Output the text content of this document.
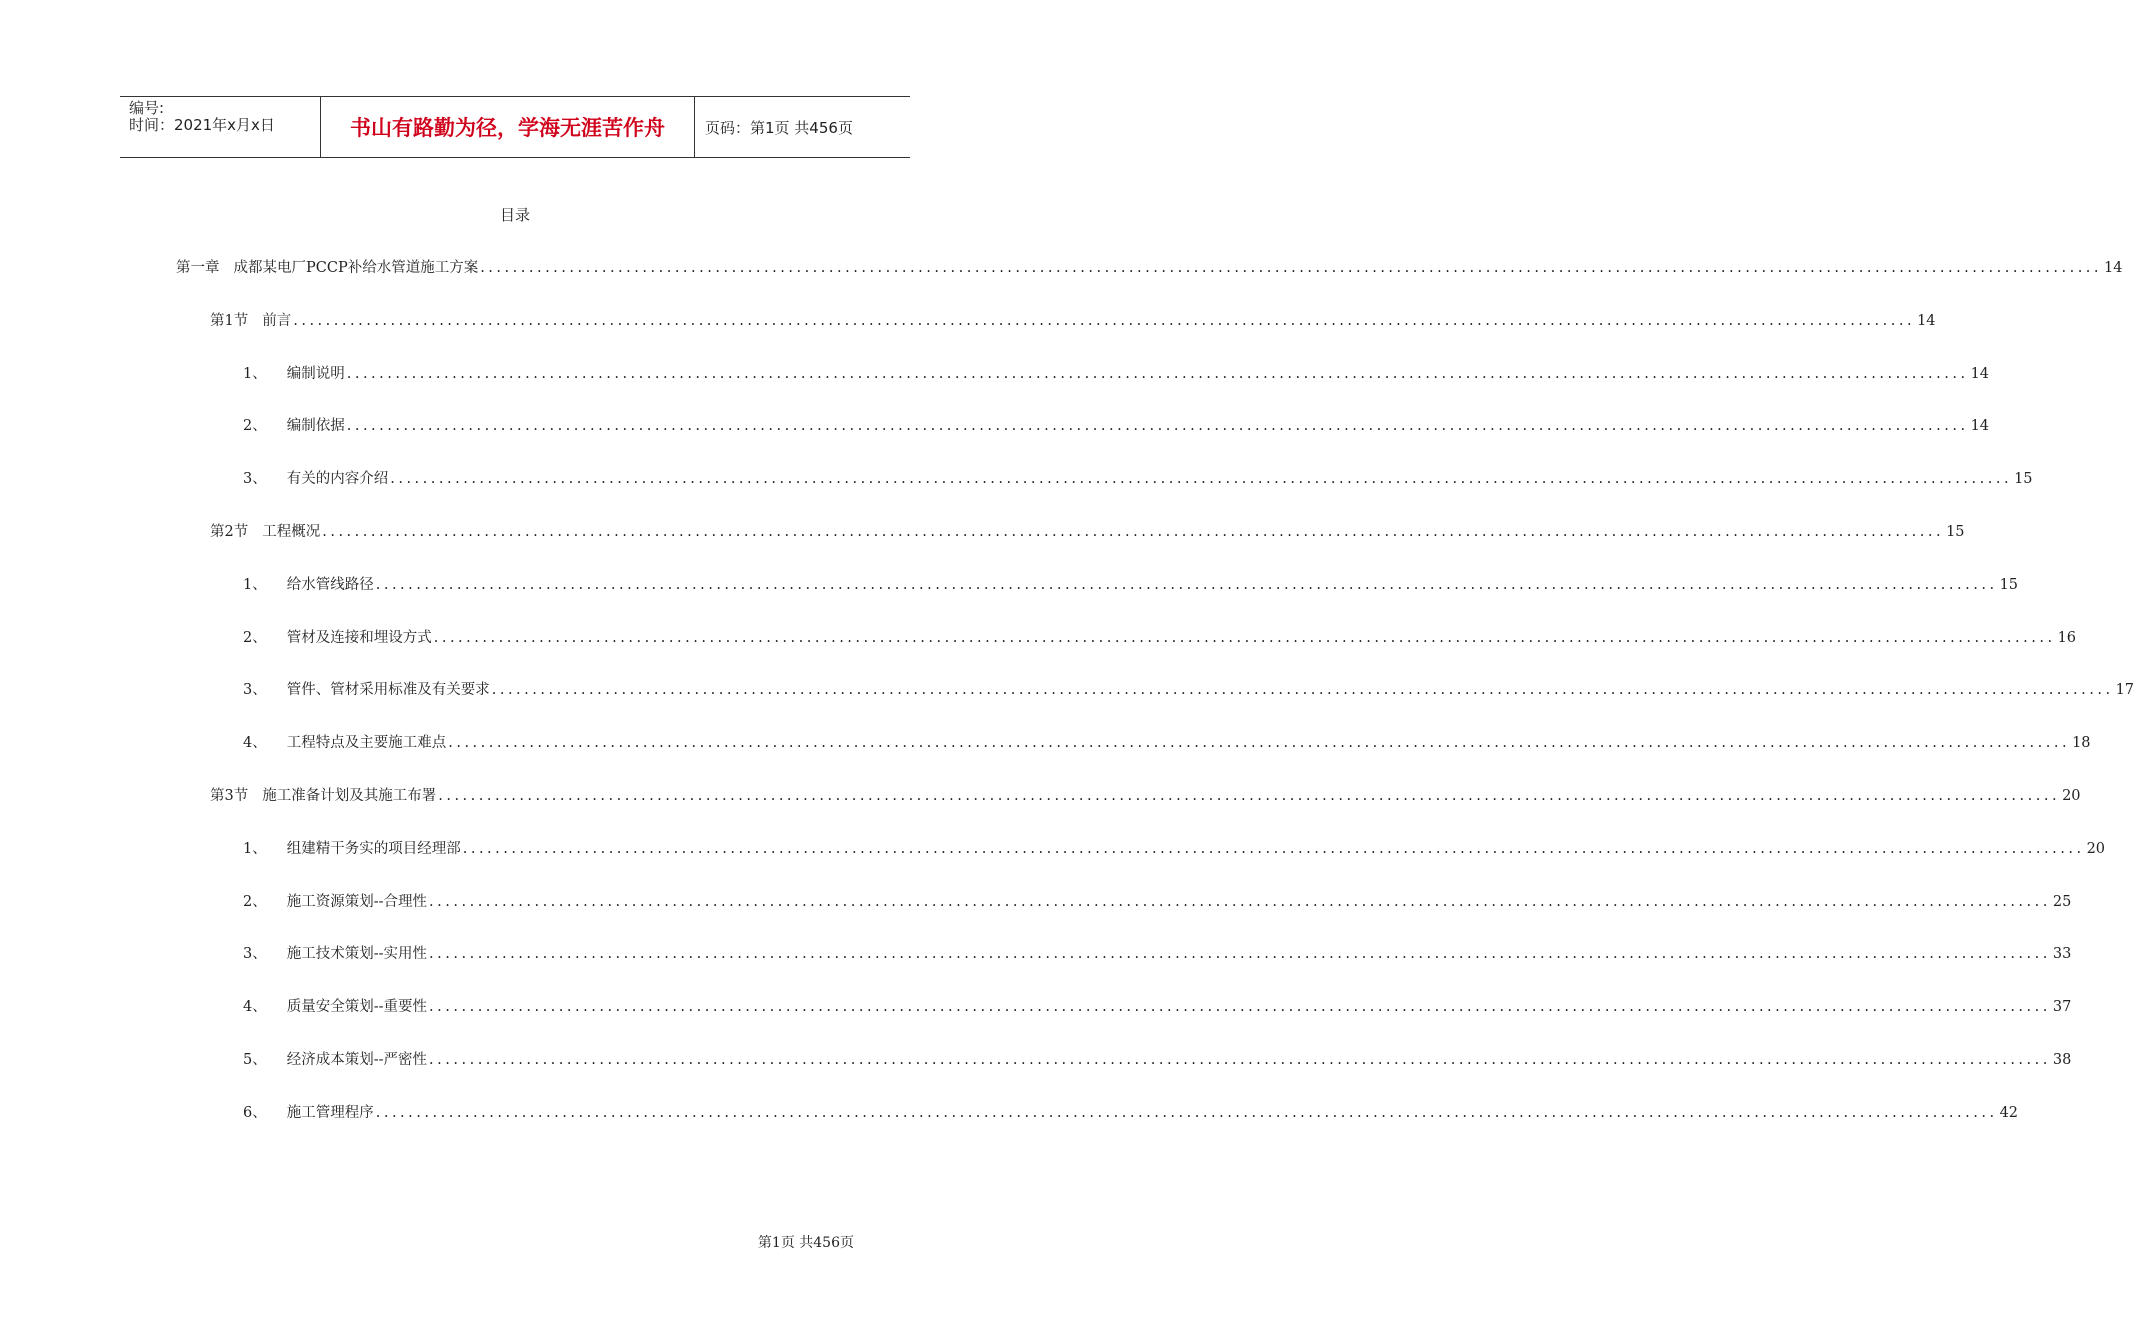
编号:
时间：2021年x月x日	书山有路勤为径，学海无涯苦作舟	页码：第1页 共456页
目录
第一章 成都某电厂PCCP补给水管道施工方案 ........................................................................................................................................................................................................ 14
第1节 前言 ........................................................................................................................................................................................................ 14
1、 编制说明 ........................................................................................................................................................................................................ 14
2、 编制依据 ........................................................................................................................................................................................................ 14
3、 有关的内容介绍 ........................................................................................................................................................................................................ 15
第2节 工程概况 ........................................................................................................................................................................................................ 15
1、 给水管线路径 ........................................................................................................................................................................................................ 15
2、 管材及连接和埋设方式 ........................................................................................................................................................................................................ 16
3、 管件、管材采用标准及有关要求 ........................................................................................................................................................................................................ 17
4、 工程特点及主要施工难点 ........................................................................................................................................................................................................ 18
第3节 施工准备计划及其施工布署 ........................................................................................................................................................................................................ 20
1、 组建精干务实的项目经理部 ........................................................................................................................................................................................................ 20
2、 施工资源策划--合理性 ........................................................................................................................................................................................................ 25
3、 施工技术策划--实用性 ........................................................................................................................................................................................................ 33
4、 质量安全策划--重要性 ........................................................................................................................................................................................................ 37
5、 经济成本策划--严密性 ........................................................................................................................................................................................................ 38
6、 施工管理程序 ........................................................................................................................................................................................................ 42
第1页 共456页
